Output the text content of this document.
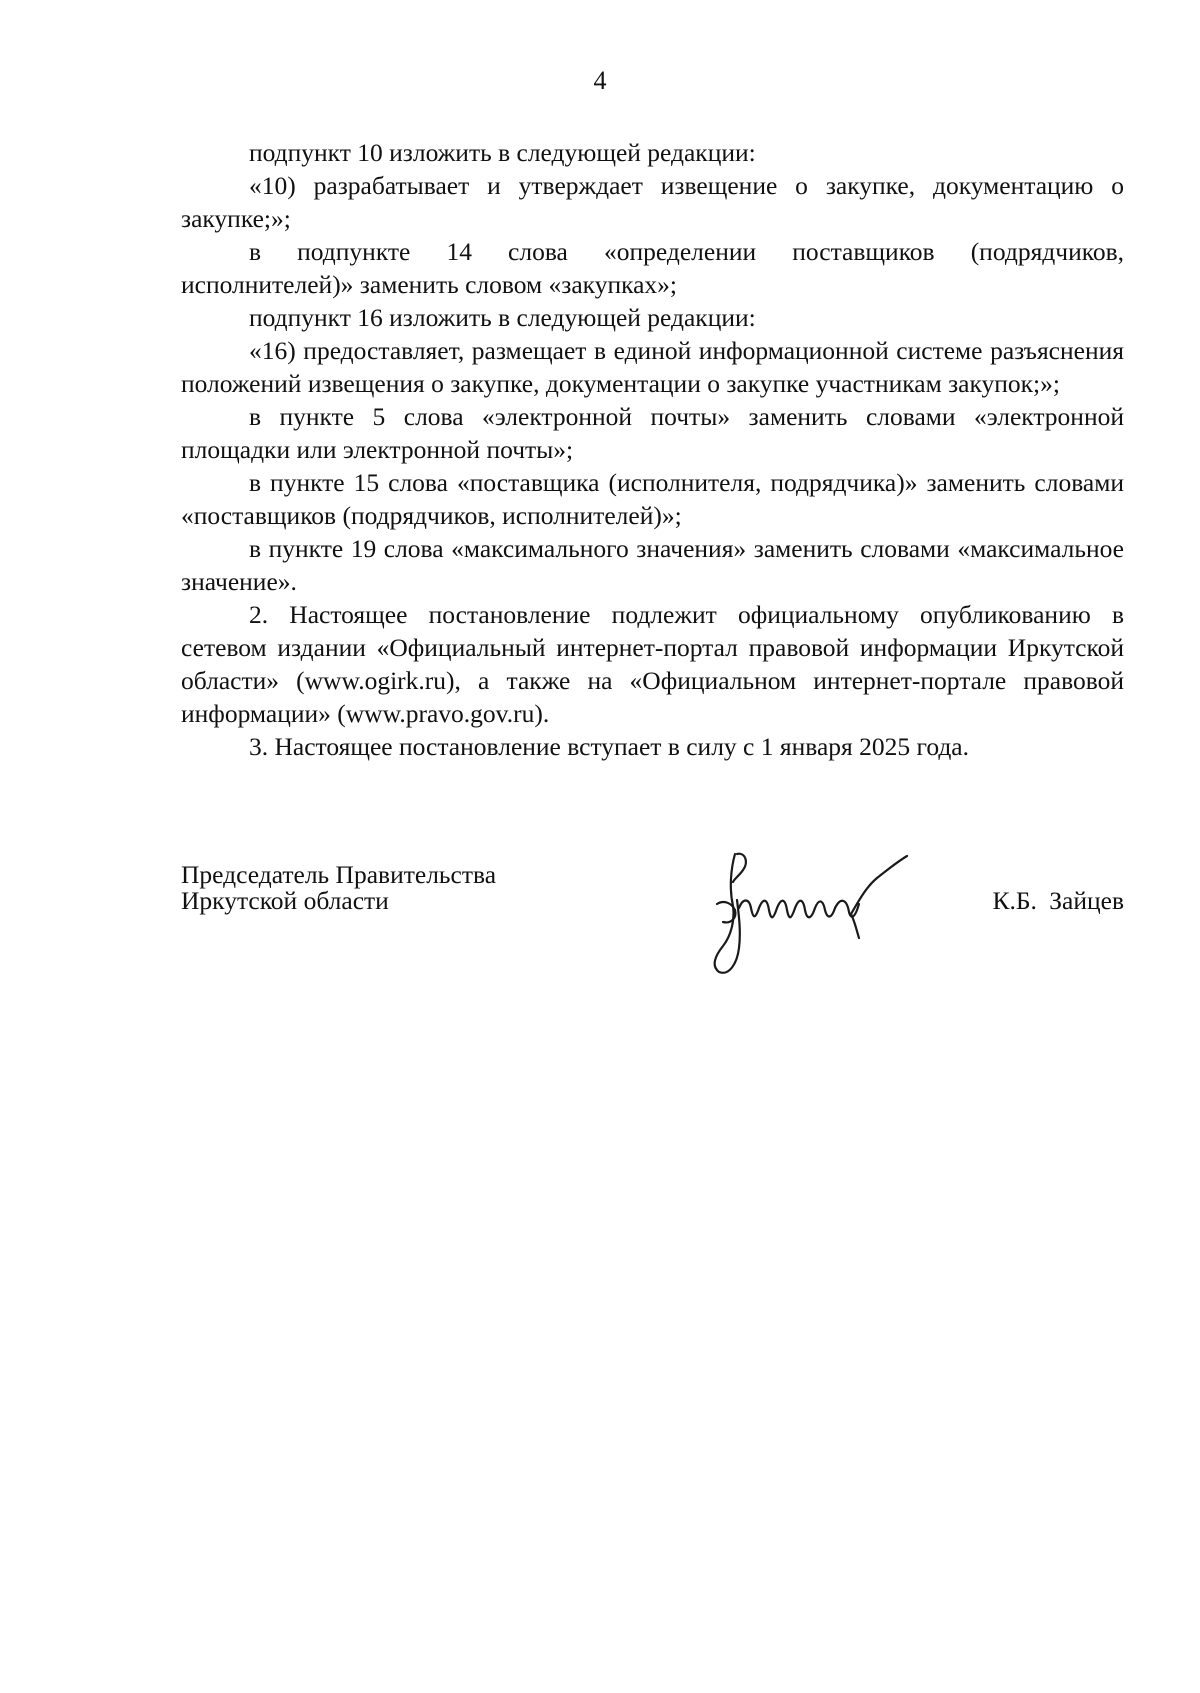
4

подпункт 10 изложить в следующей редакции:

«10) разрабатывает и утверждает извещение о закупке, документацию о закупке;»;

в подпункте 14 слова «определении поставщиков (подрядчиков, исполнителей)» заменить словом «закупках»;

подпункт 16 изложить в следующей редакции:

«16) предоставляет, размещает в единой информационной системе разъяснения положений извещения о закупке, документации о закупке участникам закупок;»;

в пункте 5 слова «электронной почты» заменить словами «электронной площадки или электронной почты»;

в пункте 15 слова «поставщика (исполнителя, подрядчика)» заменить словами «поставщиков (подрядчиков, исполнителей)»;

в пункте 19 слова «максимального значения» заменить словами «максимальное значение».

2. Настоящее постановление подлежит официальному опубликованию в сетевом издании «Официальный интернет-портал правовой информации Иркутской области» (www.ogirk.ru), а также на «Официальном интернет-портале правовой информации» (www.pravo.gov.ru).

3. Настоящее постановление вступает в силу с 1 января 2025 года.

Председатель Правительства
Иркутской области	К.Б. Зайцев
